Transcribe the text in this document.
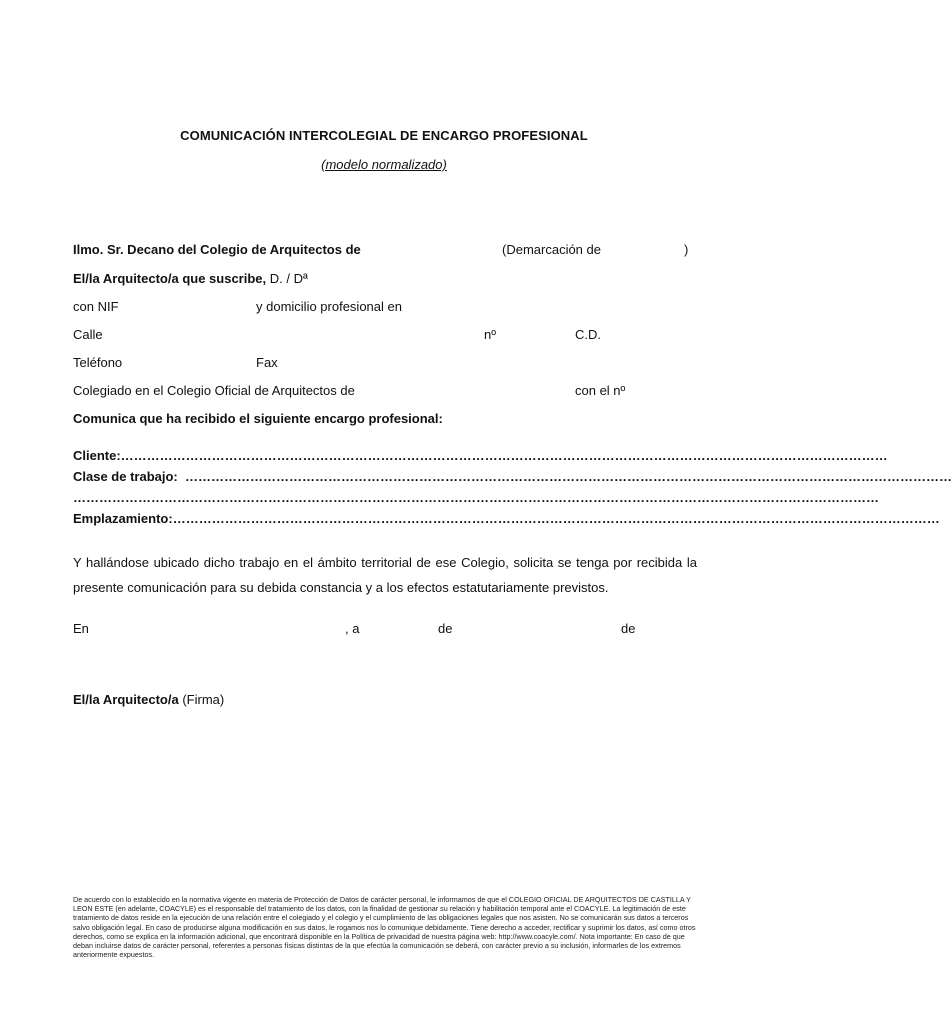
COMUNICACIÓN INTERCOLEGIAL DE ENCARGO PROFESIONAL
(modelo normalizado)
Ilmo. Sr. Decano del Colegio de Arquitectos de	(Demarcación de	)
El/la Arquitecto/a que suscribe, D. / Dª
con NIF	y domicilio profesional en
Calle	nº	C.D.
Teléfono	Fax
Colegiado en el Colegio Oficial de Arquitectos de	con el nº
Comunica que ha recibido el siguiente encargo profesional:
Cliente:……………………………………………………………………………………………………………………………………………………………
Clase de trabajo: ……………………………………………………………………………………………………………………………………………………………
……………………………………………………………………………………………………………………………………………………………………
Emplazamiento:……………………………………………………………………………………………………………………………………………………………
Y hallándose ubicado dicho trabajo en el ámbito territorial de ese Colegio, solicita se tenga por recibida la presente comunicación para su debida constancia y a los efectos estatutariamente previstos.
En	, a	de	de
El/la Arquitecto/a (Firma)
De acuerdo con lo establecido en la normativa vigente en materia de Protección de Datos de carácter personal, le informamos de que el COLEGIO OFICIAL DE ARQUITECTOS DE CASTILLA Y LEON ESTE (en adelante, COACYLE) es el responsable del tratamiento de los datos, con la finalidad de gestionar su relación y habilitación temporal ante el COACYLE. La legitimación de este tratamiento de datos reside en la ejecución de una relación entre el colegiado y el colegio y el cumplimiento de las obligaciones legales que nos asisten. No se comunicarán sus datos a terceros salvo obligación legal. En caso de producirse alguna modificación en sus datos, le rogamos nos lo comunique debidamente. Tiene derecho a acceder, rectificar y suprimir los datos, así como otros derechos, como se explica en la información adicional, que encontrará disponible en la Política de privacidad de nuestra página web: http://www.coacyle.com/. Nota importante: En caso de que deban incluirse datos de carácter personal, referentes a personas físicas distintas de la que efectúa la comunicación se deberá, con carácter previo a su inclusión, informarles de los extremos anteriormente expuestos.
